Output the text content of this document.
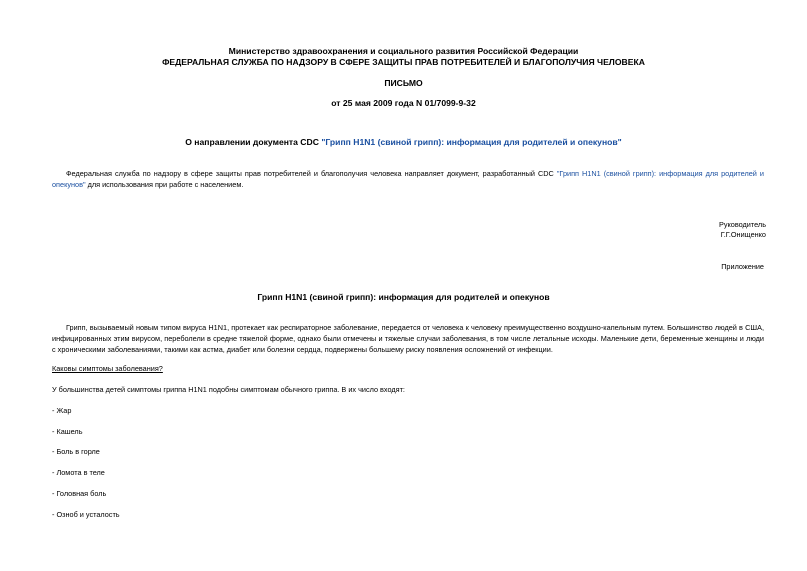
Министерство здравоохранения и социального развития Российской Федерации
ФЕДЕРАЛЬНАЯ СЛУЖБА ПО НАДЗОРУ В СФЕРЕ ЗАЩИТЫ ПРАВ ПОТРЕБИТЕЛЕЙ И БЛАГОПОЛУЧИЯ ЧЕЛОВЕКА
ПИСЬМО
от 25 мая 2009 года N 01/7099-9-32
О направлении документа CDC "Грипп H1N1 (свиной грипп): информация для родителей и опекунов"
Федеральная служба по надзору в сфере защиты прав потребителей и благополучия человека направляет документ, разработанный CDC "Грипп H1N1 (свиной грипп): информация для родителей и опекунов" для использования при работе с населением.
Руководитель
Г.Г.Онищенко
Приложение
Грипп H1N1 (свиной грипп): информация для родителей и опекунов
Грипп, вызываемый новым типом вируса H1N1, протекает как респираторное заболевание, передается от человека к человеку преимущественно воздушно-капельным путем. Большинство людей в США, инфицированных этим вирусом, переболели в средне тяжелой форме, однако были отмечены и тяжелые случаи заболевания, в том числе летальные исходы. Маленькие дети, беременные женщины и люди с хроническими заболеваниями, такими как астма, диабет или болезни сердца, подвержены большему риску появления осложнений от инфекции.
Каковы симптомы заболевания?
У большинства детей симптомы гриппа H1N1 подобны симптомам обычного гриппа. В их число входят:
- Жар
- Кашель
- Боль в горле
- Ломота в теле
- Головная боль
- Озноб и усталость
